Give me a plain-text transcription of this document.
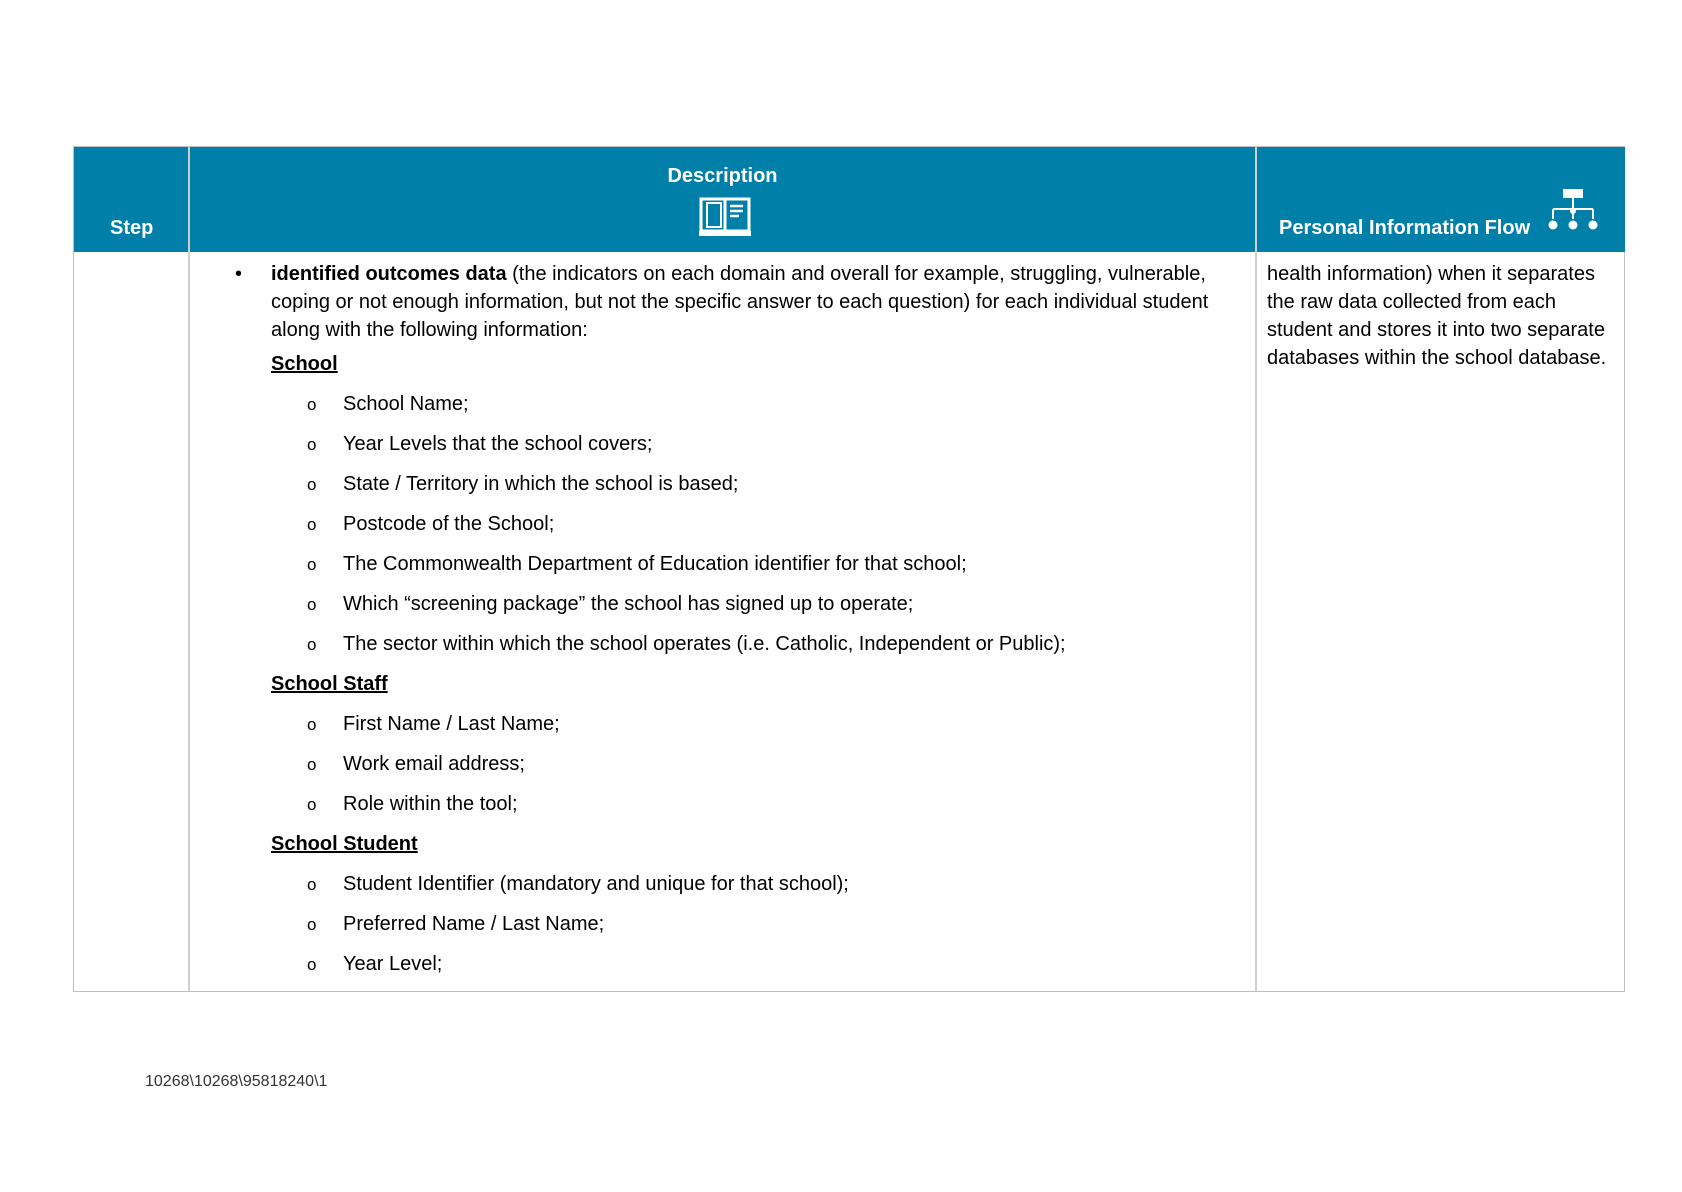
Step
Description
Personal Information Flow
• identified outcomes data (the indicators on each domain and overall for example, struggling, vulnerable, coping or not enough information, but not the specific answer to each question) for each individual student along with the following information:
School
o School Name;
o Year Levels that the school covers;
o State / Territory in which the school is based;
o Postcode of the School;
o The Commonwealth Department of Education identifier for that school;
o Which “screening package” the school has signed up to operate;
o The sector within which the school operates (i.e. Catholic, Independent or Public);
School Staff
o First Name / Last Name;
o Work email address;
o Role within the tool;
School Student
o Student Identifier (mandatory and unique for that school);
o Preferred Name / Last Name;
o Year Level;
health information) when it separates the raw data collected from each student and stores it into two separate databases within the school database.
10268\10268\95818240\1
